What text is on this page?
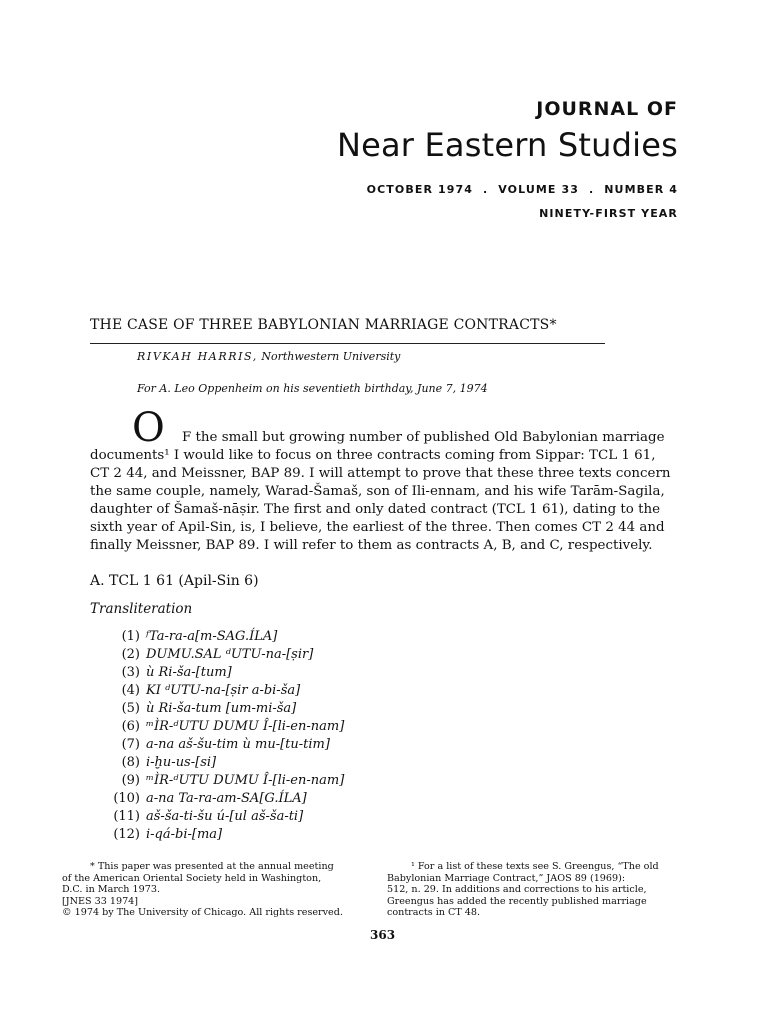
JOURNAL OF
Near Eastern Studies
OCTOBER 1974 . VOLUME 33 . NUMBER 4
NINETY-FIRST YEAR
THE CASE OF THREE BABYLONIAN MARRIAGE CONTRACTS*
RIVKAH HARRIS, Northwestern University
For A. Leo Oppenheim on his seventieth birthday, June 7, 1974
O F the small but growing number of published Old Babylonian marriage
documents¹ I would like to focus on three contracts coming from Sippar: TCL 1 61,
CT 2 44, and Meissner, BAP 89. I will attempt to prove that these three texts concern
the same couple, namely, Warad-Šamaš, son of Ili-ennam, and his wife Tarām-Sagila,
daughter of Šamaš-nāṣir. The first and only dated contract (TCL 1 61), dating to the
sixth year of Apil-Sin, is, I believe, the earliest of the three. Then comes CT 2 44 and
finally Meissner, BAP 89. I will refer to them as contracts A, B, and C, respectively.
A. TCL 1 61 (Apil-Sin 6)
Transliteration
(1) ᶠTa-ra-a[m-SAG.ÍLA]
(2) DUMU.SAL ᵈUTU-na-[ṣir]
(3) ù Ri-ša-[tum]
(4) KI ᵈUTU-na-[ṣir a-bi-ša]
(5) ù Ri-ša-tum [um-mi-ša]
(6) ᵐÌR-ᵈUTU DUMU Î-[li-en-nam]
(7) a-na aš-šu-tim ù mu-[tu-tim]
(8) i-ḫu-us-[si]
(9) ᵐÌR-ᵈUTU DUMU Î-[li-en-nam]
(10) a-na Ta-ra-am-SA[G.ÍLA]
(11) aš-ša-ti-šu ú-[ul aš-ša-ti]
(12) i-qá-bi-[ma]
* This paper was presented at the annual meeting
of the American Oriental Society held in Washington,
D.C. in March 1973.
[JNES 33 1974]
© 1974 by The University of Chicago. All rights reserved.
¹ For a list of these texts see S. Greengus, “The old
Babylonian Marriage Contract,” JAOS 89 (1969):
512, n. 29. In additions and corrections to his article,
Greengus has added the recently published marriage
contracts in CT 48.
363
